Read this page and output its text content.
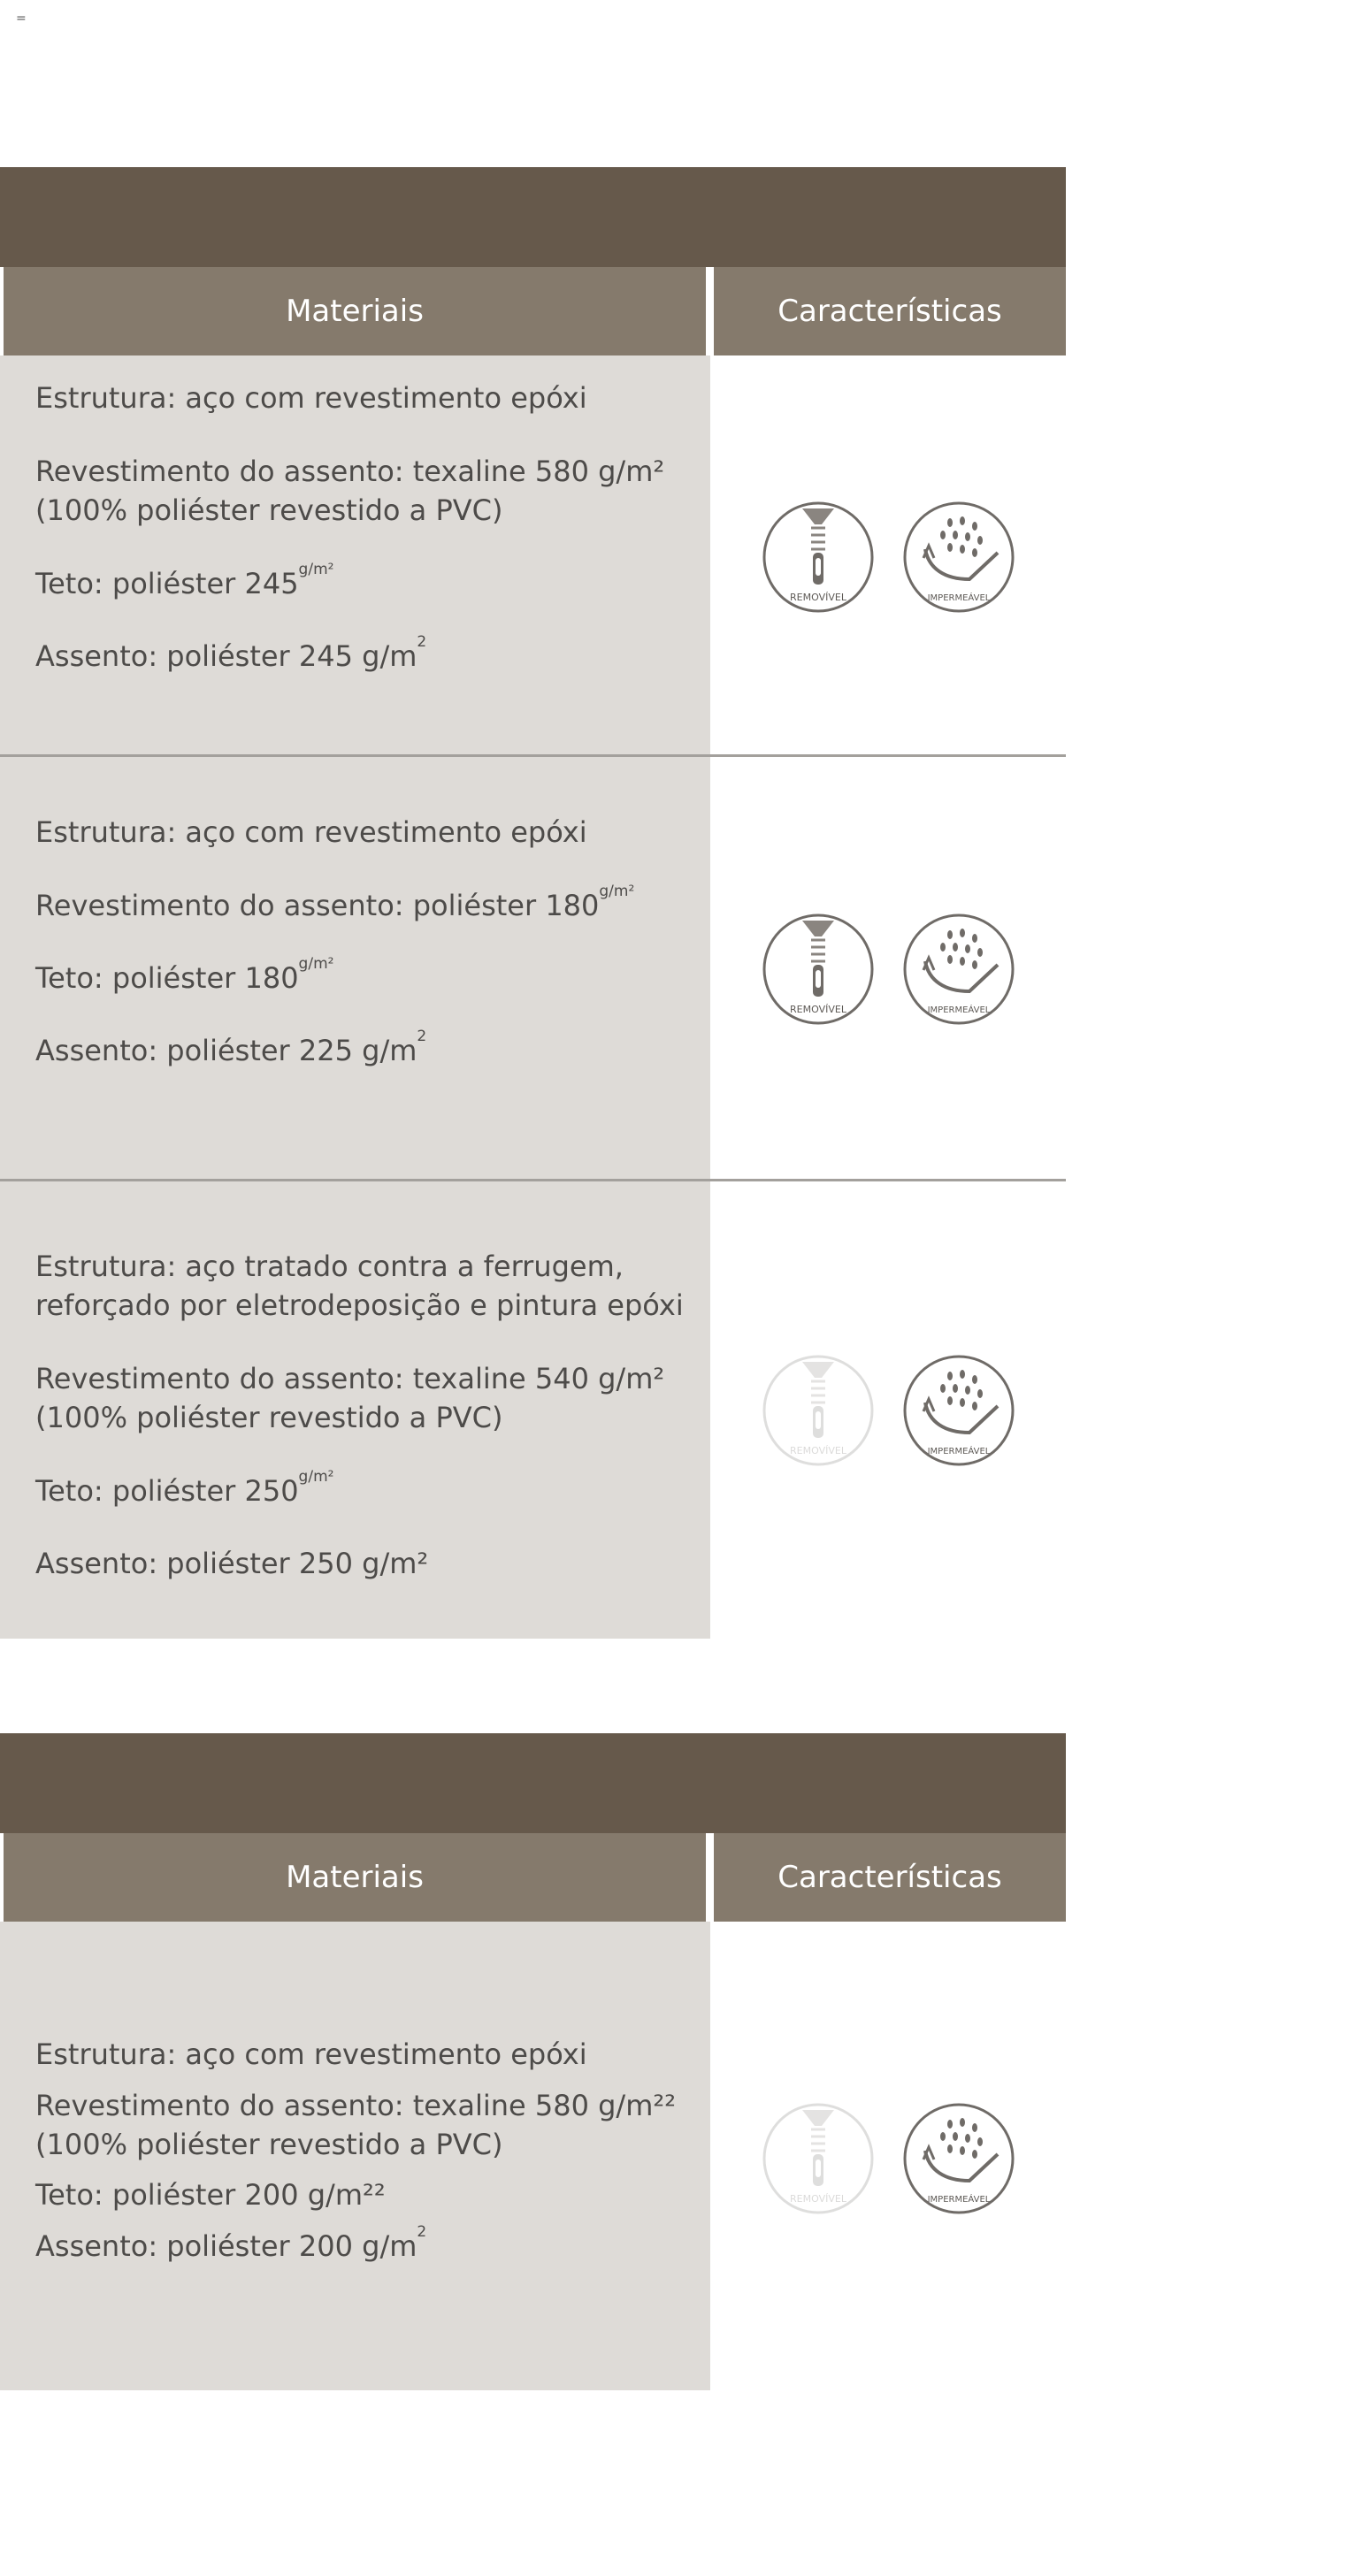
=
Materiais	Características
Estrutura: aço com revestimento epóxi
Revestimento do assento: texaline 580 g/m²
(100% poliéster revestido a PVC)
Teto: poliéster $245^{g/m^2}$
Assento: poliéster 245 $g/m^2$
REMOVÍVEL	IMPERMEÁVEL
Estrutura: aço com revestimento epóxi
Revestimento do assento: poliéster $180^{g/m^2}$
Teto: poliéster $180^{g/m^2}$
Assento: poliéster 225 $g/m^2$
REMOVÍVEL	IMPERMEÁVEL
Estrutura: aço tratado contra a ferrugem,
reforçado por eletrodeposição e pintura epóxi
Revestimento do assento: texaline 540 g/m²
(100% poliéster revestido a PVC)
Teto: poliéster $250^{g/m^2}$
Assento: poliéster 250 g/m²
REMOVÍVEL	IMPERMEÁVEL
Materiais	Características
Estrutura: aço com revestimento epóxi
Revestimento do assento: texaline 580 g/m²²
(100% poliéster revestido a PVC)
Teto: poliéster 200 g/m²²
Assento: poliéster 200 $g/m^2$
REMOVÍVEL	IMPERMEÁVEL
